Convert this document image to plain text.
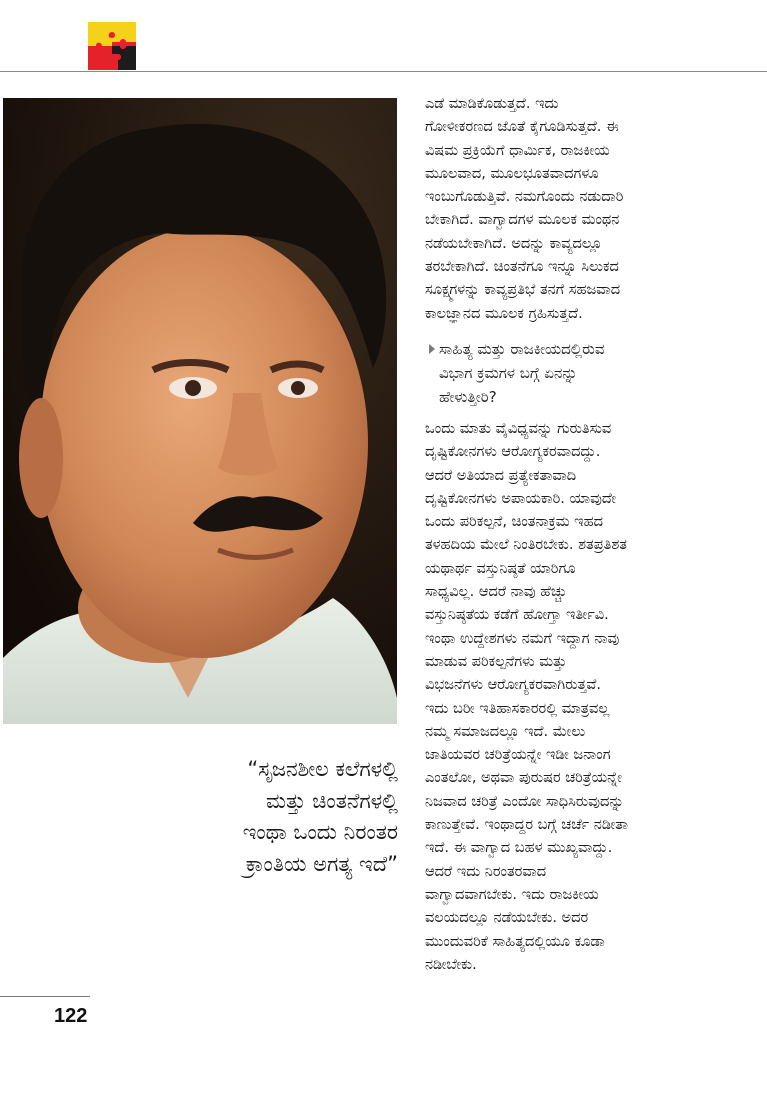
“ಸೃಜನಶೀಲ ಕಲೆಗಳಲ್ಲಿ
ಮತ್ತು ಚಿಂತನೆಗಳಲ್ಲಿ
ಇಂಥಾ ಒಂದು ನಿರಂತರ
ಕ್ರಾಂತಿಯ ಅಗತ್ಯ ಇದೆ”
ಎಡೆ ಮಾಡಿಕೊಡುತ್ತದೆ. ಇದು
ಗೋಳೀಕರಣದ ಜೊತೆ ಕೈಗೂಡಿಸುತ್ತದೆ. ಈ
ವಿಷಮ ಪ್ರಕ್ರಿಯೆಗೆ ಧಾರ್ಮಿಕ, ರಾಜಕೀಯ
ಮೂಲವಾದ, ಮೂಲಭೂತವಾದಗಳೂ
ಇಂಬುಗೊಡುತ್ತಿವೆ. ನಮಗೊಂದು ನಡುದಾರಿ
ಬೇಕಾಗಿದೆ. ವಾಗ್ವಾದಗಳ ಮೂಲಕ ಮಂಥನ
ನಡೆಯಬೇಕಾಗಿದೆ. ಅದನ್ನು ಕಾವ್ಯದಲ್ಲೂ
ತರಬೇಕಾಗಿದೆ. ಚಿಂತನೆಗೂ ಇನ್ನೂ ಸಿಲುಕದ
ಸೂಕ್ಷ್ಮಗಳನ್ನು ಕಾವ್ಯಪ್ರತಿಭೆ ತನಗೆ ಸಹಜವಾದ
ಕಾಲಜ್ಞಾನದ ಮೂಲಕ ಗ್ರಹಿಸುತ್ತದೆ.
ಸಾಹಿತ್ಯ ಮತ್ತು ರಾಜಕೀಯದಲ್ಲಿರುವ
ವಿಭಾಗ ಕ್ರಮಗಳ ಬಗ್ಗೆ ಏನನ್ನು
ಹೇಳುತ್ತೀರಿ?
ಒಂದು ಮಾತು ವೈವಿಧ್ಯವನ್ನು ಗುರುತಿಸುವ
ದೃಷ್ಟಿಕೋನಗಳು ಆರೋಗ್ಯಕರವಾದದ್ದು.
ಆದರೆ ಅತಿಯಾದ ಪ್ರತ್ಯೇಕತಾವಾದಿ
ದೃಷ್ಟಿಕೋನಗಳು ಅಪಾಯಕಾರಿ. ಯಾವುದೇ
ಒಂದು ಪರಿಕಲ್ಪನೆ, ಚಿಂತನಾಕ್ರಮ ಇಹದ
ತಳಹದಿಯ ಮೇಲೆ ನಿಂತಿರಬೇಕು. ಶತಪ್ರತಿಶತ
ಯಥಾರ್ಥ ವಸ್ತುನಿಷ್ಠತೆ ಯಾರಿಗೂ
ಸಾಧ್ಯವಿಲ್ಲ. ಆದರೆ ನಾವು ಹೆಚ್ಚು
ವಸ್ತುನಿಷ್ಠತೆಯ ಕಡೆಗೆ ಹೋಗ್ತಾ ಇರ್ತೀವಿ.
ಇಂಥಾ ಉದ್ದೇಶಗಳು ನಮಗೆ ಇದ್ದಾಗ ನಾವು
ಮಾಡುವ ಪರಿಕಲ್ಪನೆಗಳು ಮತ್ತು
ವಿಭಜನೆಗಳು ಆರೋಗ್ಯಕರವಾಗಿರುತ್ತವೆ.
ಇದು ಬರೀ ಇತಿಹಾಸಕಾರರಲ್ಲಿ ಮಾತ್ರವಲ್ಲ
ನಮ್ಮ ಸಮಾಜದಲ್ಲೂ ಇದೆ. ಮೇಲು
ಜಾತಿಯವರ ಚರಿತ್ರೆಯನ್ನೇ ಇಡೀ ಜನಾಂಗ
ಎಂತಲೋ, ಅಥವಾ ಪುರುಷರ ಚರಿತ್ರೆಯನ್ನೇ
ನಿಜವಾದ ಚರಿತ್ರೆ ಎಂದೋ ಸಾಧಿಸಿರುವುದನ್ನು
ಕಾಣುತ್ತೇವೆ. ಇಂಥಾದ್ದರ ಬಗ್ಗೆ ಚರ್ಚೆ ನಡೀತಾ
ಇದೆ. ಈ ವಾಗ್ವಾದ ಬಹಳ ಮುಖ್ಯವಾದ್ದು.
ಆದರೆ ಇದು ನಿರಂತರವಾದ
ವಾಗ್ವಾದವಾಗಬೇಕು. ಇದು ರಾಜಕೀಯ
ವಲಯದಲ್ಲೂ ನಡೆಯಬೇಕು. ಅದರ
ಮುಂದುವರಿಕೆ ಸಾಹಿತ್ಯದಲ್ಲಿಯೂ ಕೂಡಾ
ನಡೀಬೇಕು.
122
